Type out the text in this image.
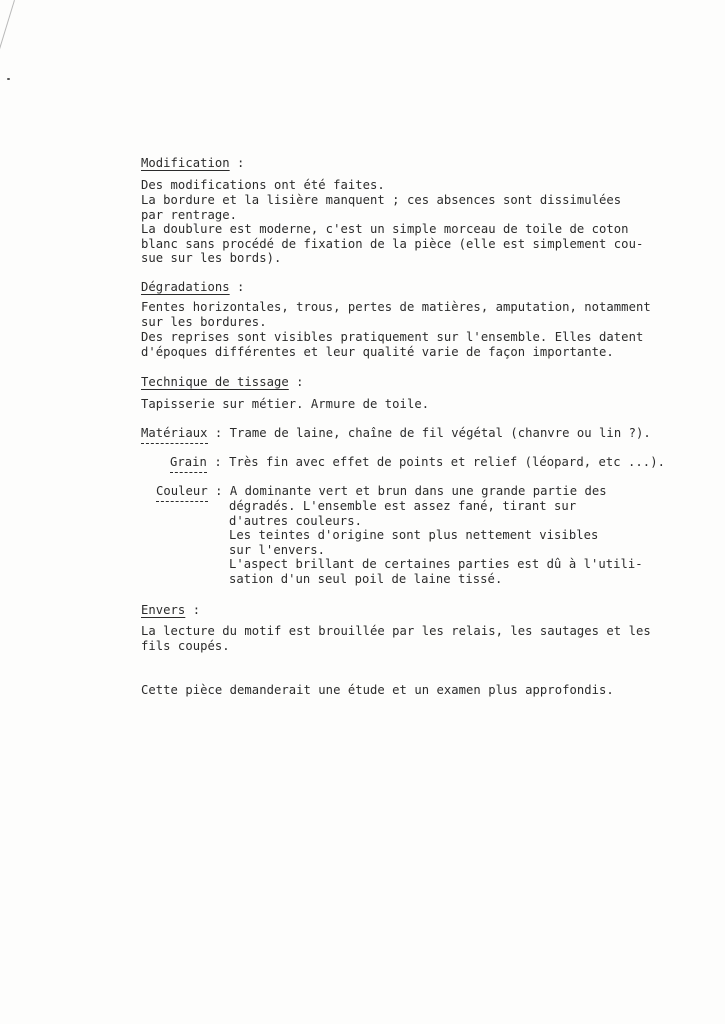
Modification :
Des modifications ont été faites.
La bordure et la lisière manquent ; ces absences sont dissimulées
par rentrage.
La doublure est moderne, c'est un simple morceau de toile de coton
blanc sans procédé de fixation de la pièce (elle est simplement cou-
sue sur les bords).
Dégradations :
Fentes horizontales, trous, pertes de matières, amputation, notamment
sur les bordures.
Des reprises sont visibles pratiquement sur l'ensemble. Elles datent
d'époques différentes et leur qualité varie de façon importante.
Technique de tissage :
Tapisserie sur métier. Armure de toile.
Matériaux : Trame de laine, chaîne de fil végétal (chanvre ou lin ?).
Grain : Très fin avec effet de points et relief (léopard, etc ...).
Couleur : A dominante vert et brun dans une grande partie des
dégradés. L'ensemble est assez fané, tirant sur
d'autres couleurs.
Les teintes d'origine sont plus nettement visibles
sur l'envers.
L'aspect brillant de certaines parties est dû à l'utili-
sation d'un seul poil de laine tissé.
Envers :
La lecture du motif est brouillée par les relais, les sautages et les
fils coupés.
Cette pièce demanderait une étude et un examen plus approfondis.
